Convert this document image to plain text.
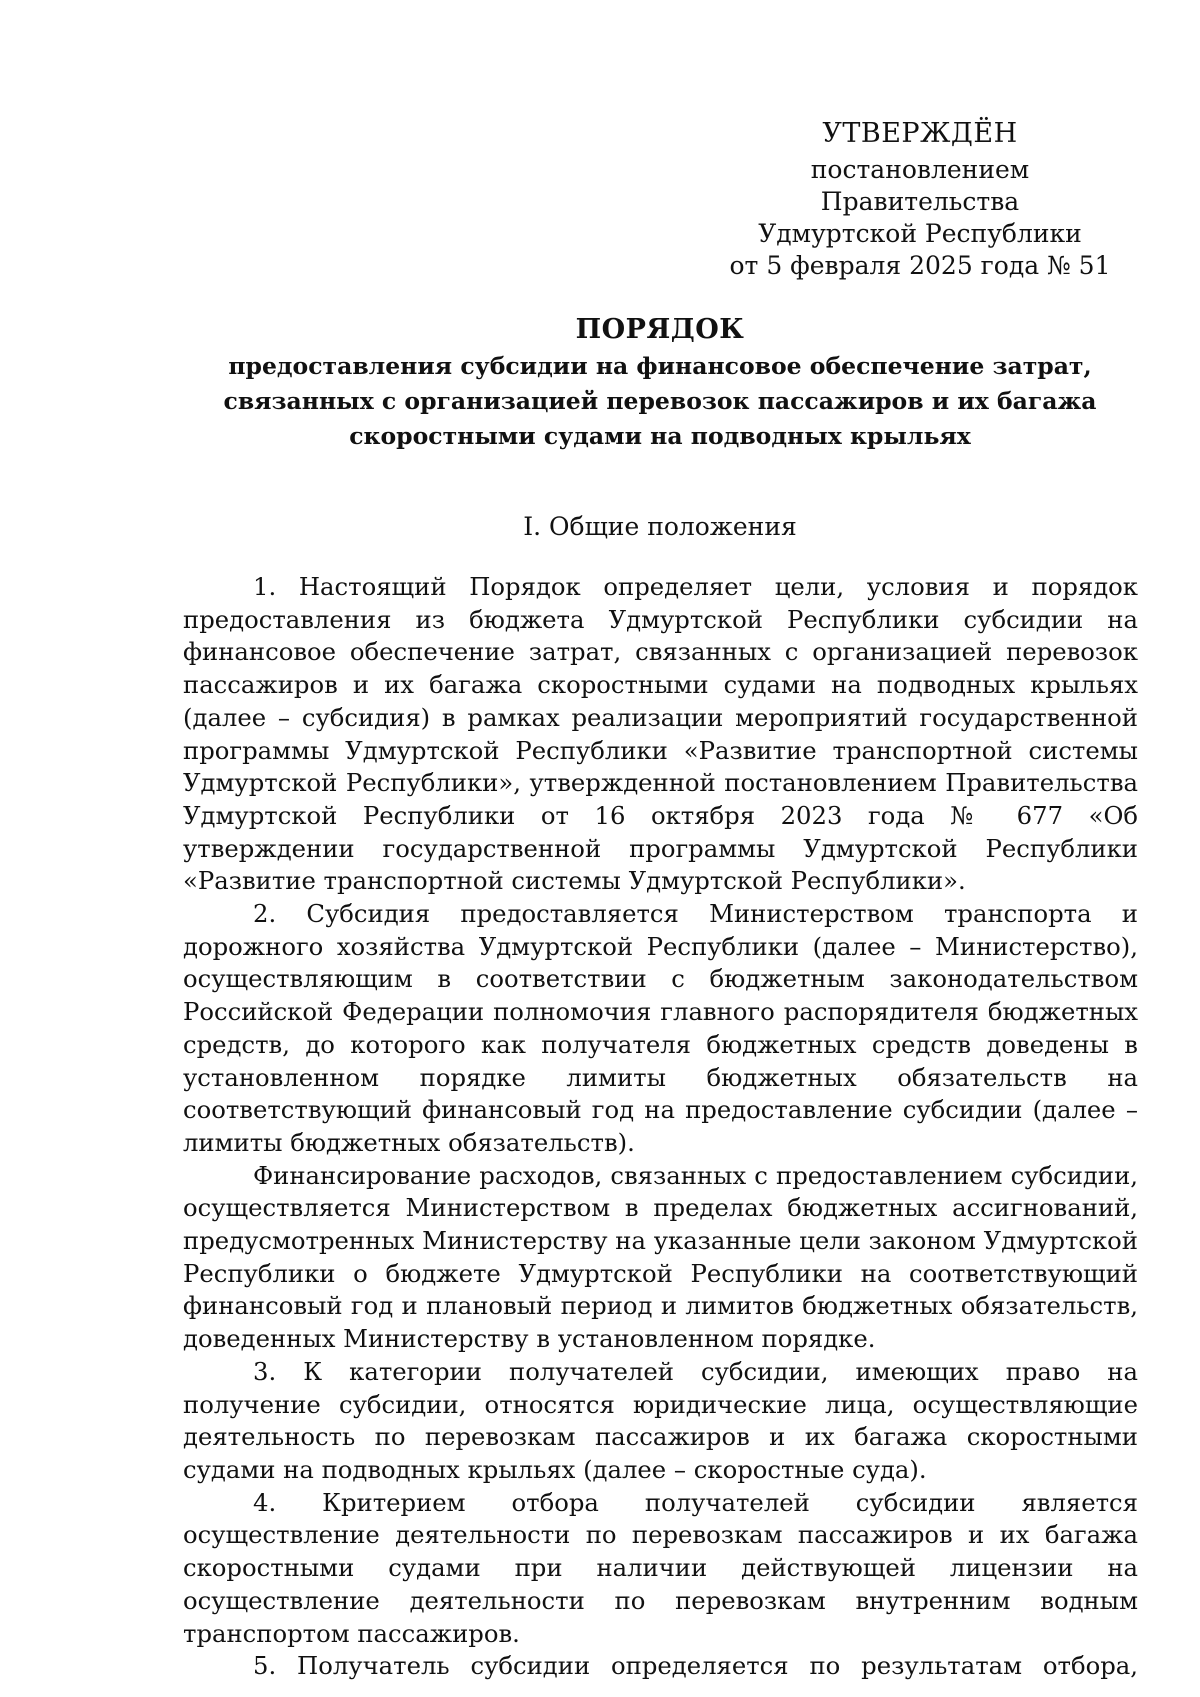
УТВЕРЖДЁН
постановлением Правительства
Удмуртской Республики
от 5 февраля 2025 года № 51
ПОРЯДОК
предоставления субсидии на финансовое обеспечение затрат,
связанных с организацией перевозок пассажиров и их багажа
скоростными судами на подводных крыльях
I. Общие положения

1. Настоящий Порядок определяет цели, условия и порядок предоставления из бюджета Удмуртской Республики субсидии на финансовое обеспечение затрат, связанных с организацией перевозок пассажиров и их багажа скоростными судами на подводных крыльях (далее – субсидия) в рамках реализации мероприятий государственной программы Удмуртской Республики «Развитие транспортной системы Удмуртской Республики», утвержденной постановлением Правительства Удмуртской Республики от 16 октября 2023 года № 677 «Об утверждении государственной программы Удмуртской Республики «Развитие транспортной системы Удмуртской Республики».

2. Субсидия предоставляется Министерством транспорта и дорожного хозяйства Удмуртской Республики (далее – Министерство), осуществляющим в соответствии с бюджетным законодательством Российской Федерации полномочия главного распорядителя бюджетных средств, до которого как получателя бюджетных средств доведены в установленном порядке лимиты бюджетных обязательств на соответствующий финансовый год на предоставление субсидии (далее – лимиты бюджетных обязательств).

Финансирование расходов, связанных с предоставлением субсидии, осуществляется Министерством в пределах бюджетных ассигнований, предусмотренных Министерству на указанные цели законом Удмуртской Республики о бюджете Удмуртской Республики на соответствующий финансовый год и плановый период и лимитов бюджетных обязательств, доведенных Министерству в установленном порядке.

3. К категории получателей субсидии, имеющих право на получение субсидии, относятся юридические лица, осуществляющие деятельность по перевозкам пассажиров и их багажа скоростными судами на подводных крыльях (далее – скоростные суда).

4. Критерием отбора получателей субсидии является осуществление деятельности по перевозкам пассажиров и их багажа скоростными судами при наличии действующей лицензии на осуществление деятельности по перевозкам внутренним водным транспортом пассажиров.

5. Получатель субсидии определяется по результатам отбора,
